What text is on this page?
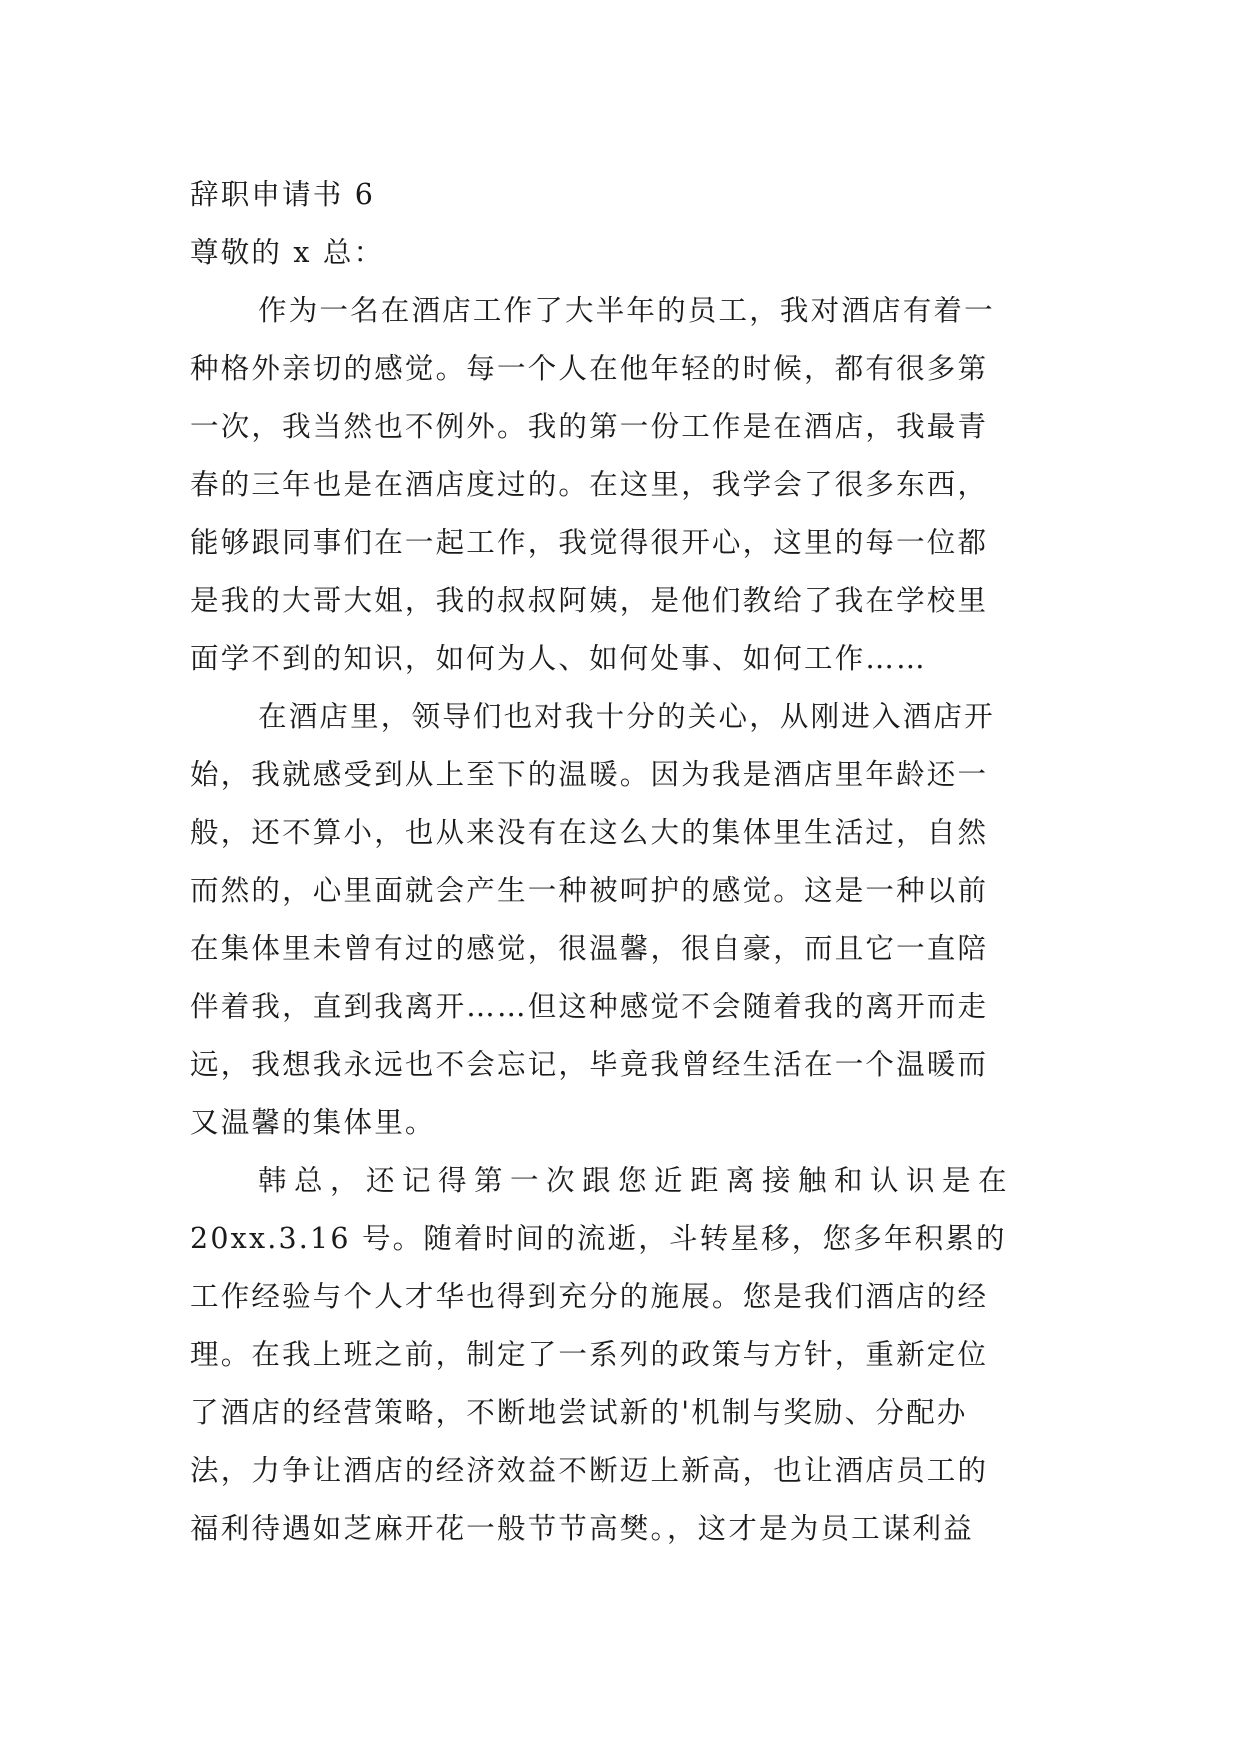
辞职申请书 6
尊敬的 x 总：
作为一名在酒店工作了大半年的员工，我对酒店有着一
种格外亲切的感觉。每一个人在他年轻的时候，都有很多第
一次，我当然也不例外。我的第一份工作是在酒店，我最青
春的三年也是在酒店度过的。在这里，我学会了很多东西，
能够跟同事们在一起工作，我觉得很开心，这里的每一位都
是我的大哥大姐，我的叔叔阿姨，是他们教给了我在学校里
面学不到的知识，如何为人、如何处事、如何工作……
在酒店里，领导们也对我十分的关心，从刚进入酒店开
始，我就感受到从上至下的温暖。因为我是酒店里年龄还一
般，还不算小，也从来没有在这么大的集体里生活过，自然
而然的，心里面就会产生一种被呵护的感觉。这是一种以前
在集体里未曾有过的感觉，很温馨，很自豪，而且它一直陪
伴着我，直到我离开……但这种感觉不会随着我的离开而走
远，我想我永远也不会忘记，毕竟我曾经生活在一个温暖而
又温馨的集体里。
韩总，还记得第一次跟您近距离接触和认识是在
20xx.3.16 号。随着时间的流逝，斗转星移，您多年积累的
工作经验与个人才华也得到充分的施展。您是我们酒店的经
理。在我上班之前，制定了一系列的政策与方针，重新定位
了酒店的经营策略，不断地尝试新的'机制与奖励、分配办
法，力争让酒店的经济效益不断迈上新高，也让酒店员工的
福利待遇如芝麻开花一般节节高樊。，这才是为员工谋利益
